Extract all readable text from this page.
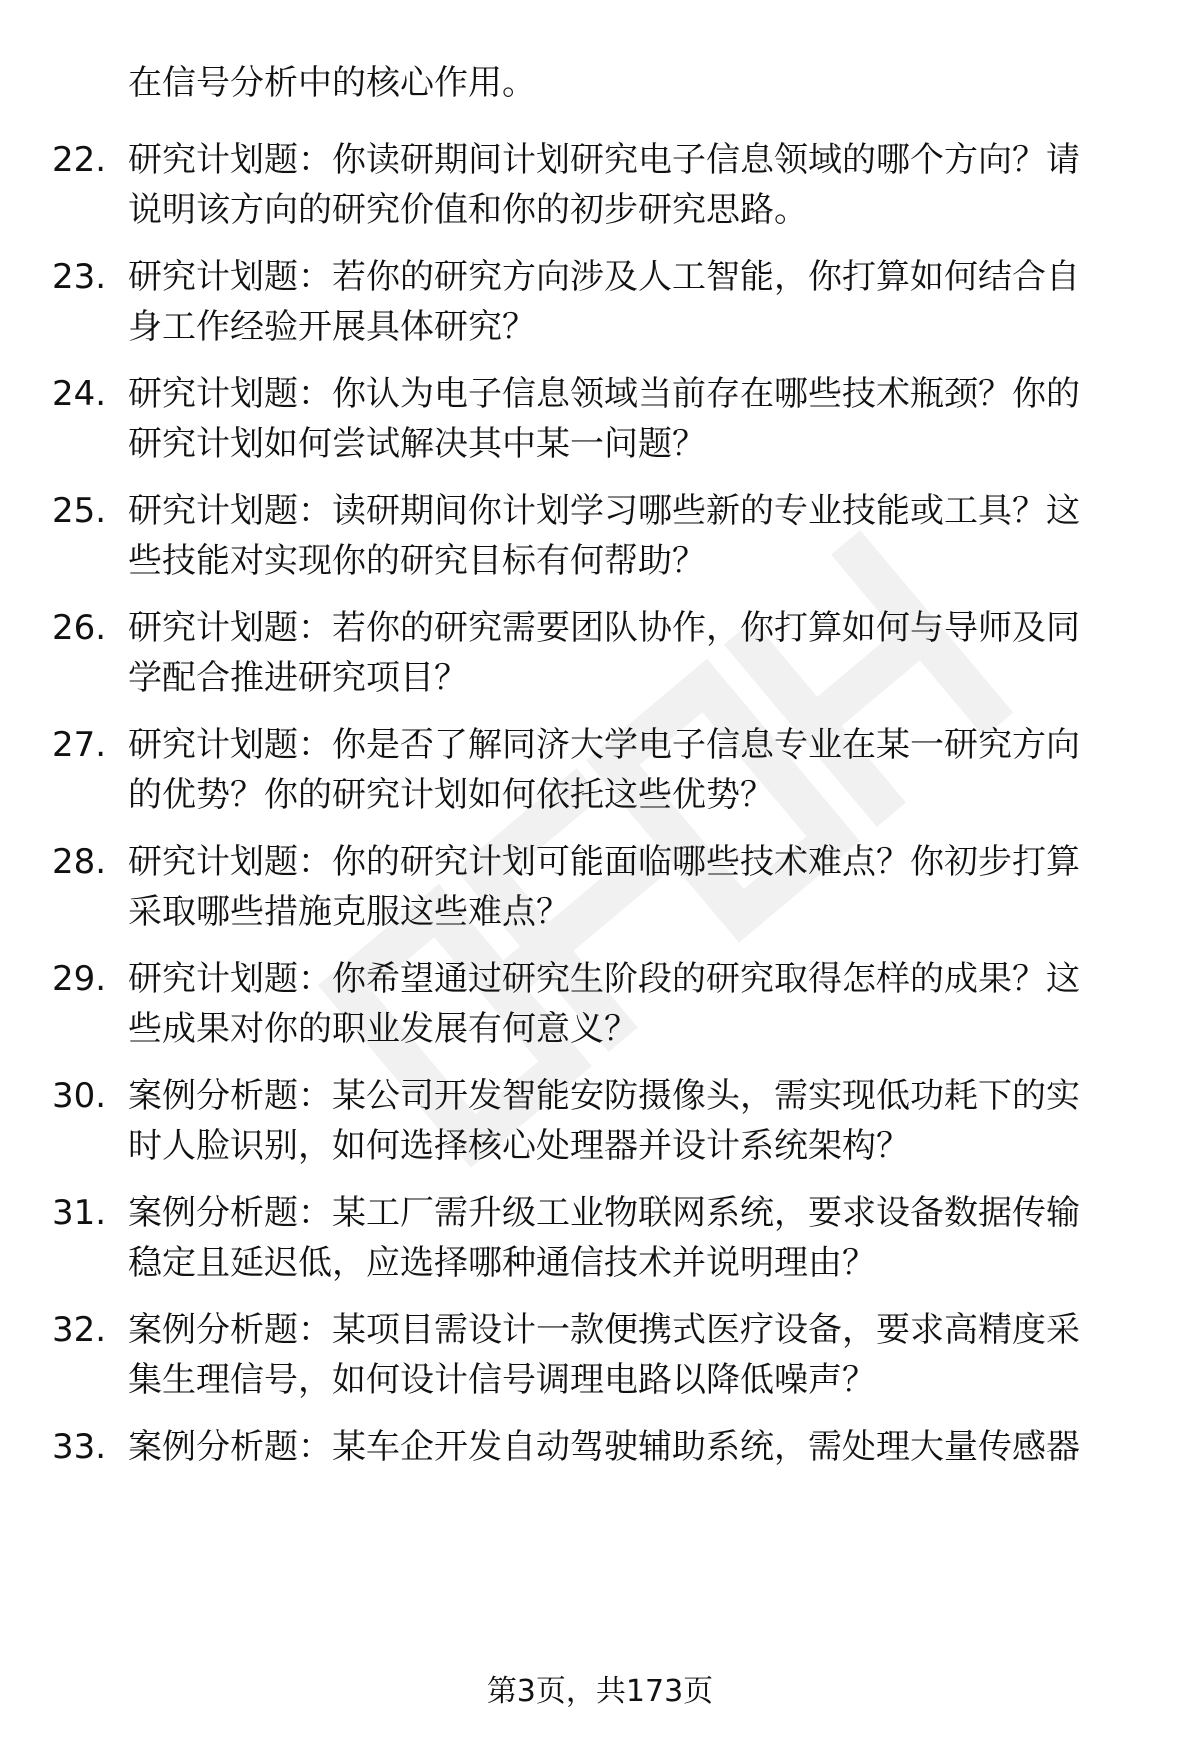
在信号分析中的核心作用。
22. 研究计划题：你读研期间计划研究电子信息领域的哪个方向？请
说明该方向的研究价值和你的初步研究思路。
23. 研究计划题：若你的研究方向涉及人工智能，你打算如何结合自
身工作经验开展具体研究？
24. 研究计划题：你认为电子信息领域当前存在哪些技术瓶颈？你的
研究计划如何尝试解决其中某一问题？
25. 研究计划题：读研期间你计划学习哪些新的专业技能或工具？这
些技能对实现你的研究目标有何帮助？
26. 研究计划题：若你的研究需要团队协作，你打算如何与导师及同
学配合推进研究项目？
27. 研究计划题：你是否了解同济大学电子信息专业在某一研究方向
的优势？你的研究计划如何依托这些优势？
28. 研究计划题：你的研究计划可能面临哪些技术难点？你初步打算
采取哪些措施克服这些难点？
29. 研究计划题：你希望通过研究生阶段的研究取得怎样的成果？这
些成果对你的职业发展有何意义？
30. 案例分析题：某公司开发智能安防摄像头，需实现低功耗下的实
时人脸识别，如何选择核心处理器并设计系统架构？
31. 案例分析题：某工厂需升级工业物联网系统，要求设备数据传输
稳定且延迟低，应选择哪种通信技术并说明理由？
32. 案例分析题：某项目需设计一款便携式医疗设备，要求高精度采
集生理信号，如何设计信号调理电路以降低噪声？
33. 案例分析题：某车企开发自动驾驶辅助系统，需处理大量传感器
第3页，共173页
